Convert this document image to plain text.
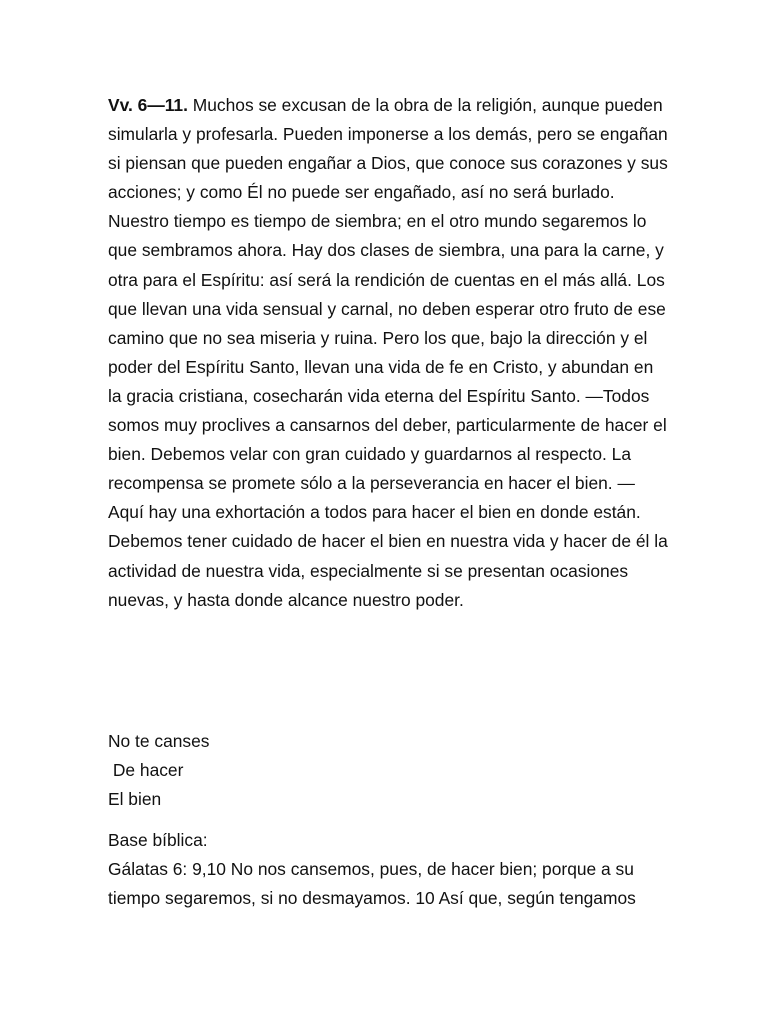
Vv. 6—11. Muchos se excusan de la obra de la religión, aunque pueden simularla y profesarla. Pueden imponerse a los demás, pero se engañan si piensan que pueden engañar a Dios, que conoce sus corazones y sus acciones; y como Él no puede ser engañado, así no será burlado. Nuestro tiempo es tiempo de siembra; en el otro mundo segaremos lo que sembramos ahora. Hay dos clases de siembra, una para la carne, y otra para el Espíritu: así será la rendición de cuentas en el más allá. Los que llevan una vida sensual y carnal, no deben esperar otro fruto de ese camino que no sea miseria y ruina. Pero los que, bajo la dirección y el poder del Espíritu Santo, llevan una vida de fe en Cristo, y abundan en la gracia cristiana, cosecharán vida eterna del Espíritu Santo. —Todos somos muy proclives a cansarnos del deber, particularmente de hacer el bien. Debemos velar con gran cuidado y guardarnos al respecto. La recompensa se promete sólo a la perseverancia en hacer el bien. —Aquí hay una exhortación a todos para hacer el bien en donde están. Debemos tener cuidado de hacer el bien en nuestra vida y hacer de él la actividad de nuestra vida, especialmente si se presentan ocasiones nuevas, y hasta donde alcance nuestro poder.

No te canses
De hacer
El bien
Base bíblica:
Gálatas 6: 9,10 No nos cansemos, pues, de hacer bien; porque a su tiempo segaremos, si no desmayamos. 10 Así que, según tengamos
